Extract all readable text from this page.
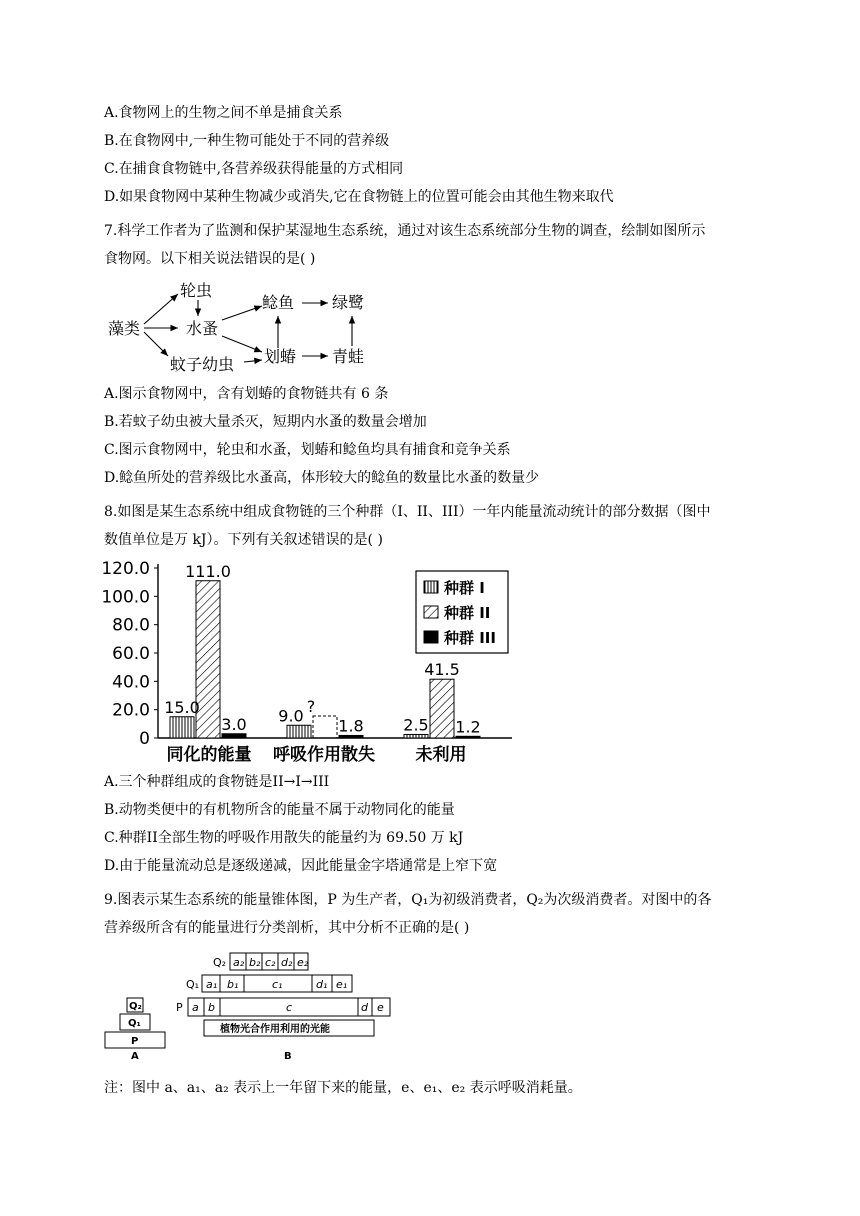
A.食物网上的生物之间不单是捕食关系
B.在食物网中,一种生物可能处于不同的营养级
C.在捕食食物链中,各营养级获得能量的方式相同
D.如果食物网中某种生物减少或消失,它在食物链上的位置可能会由其他生物来取代
7.科学工作者为了监测和保护某湿地生态系统，通过对该生态系统部分生物的调查，绘制如图所示
食物网。以下相关说法错误的是( )
藻类
轮虫
水蚤
蚊子幼虫
鲶鱼 绿鹭
划蝽 青蛙
A.图示食物网中，含有划蝽的食物链共有 6 条
B.若蚊子幼虫被大量杀灭，短期内水蚤的数量会增加
C.图示食物网中，轮虫和水蚤，划蝽和鲶鱼均具有捕食和竞争关系
D.鲶鱼所处的营养级比水蚤高，体形较大的鲶鱼的数量比水蚤的数量少
8.如图是某生态系统中组成食物链的三个种群（I、II、III）一年内能量流动统计的部分数据（图中
数值单位是万 kJ）。下列有关叙述错误的是( )
0
20.0
40.0
60.0
80.0
100.0
120.0
15.0
111.0
3.0 9.0 ?
1.8 2.5
41.5
1.2
同化的能量 呼吸作用散失 未利用
种群 I
种群 II
种群 III
A.三个种群组成的食物链是II→I→III
B.动物类便中的有机物所含的能量不属于动物同化的能量
C.种群II全部生物的呼吸作用散失的能量约为 69.50 万 kJ
D.由于能量流动总是逐级递减，因此能量金字塔通常是上窄下宽
9.图表示某生态系统的能量锥体图，P 为生产者，Q₁为初级消费者，Q₂为次级消费者。对图中的各
营养级所含有的能量进行分类剖析，其中分析不正确的是( )
Q₂ a₂ b₂ c₂ d₂ e₂
Q₁ a₁ b₁	c₁	d₁ e₁
P a b	c	d e
Q₂
Q₁
P
A	B
植物光合作用利用的光能
注：图中 a、a₁、a₂ 表示上一年留下来的能量，e、e₁、e₂ 表示呼吸消耗量。
